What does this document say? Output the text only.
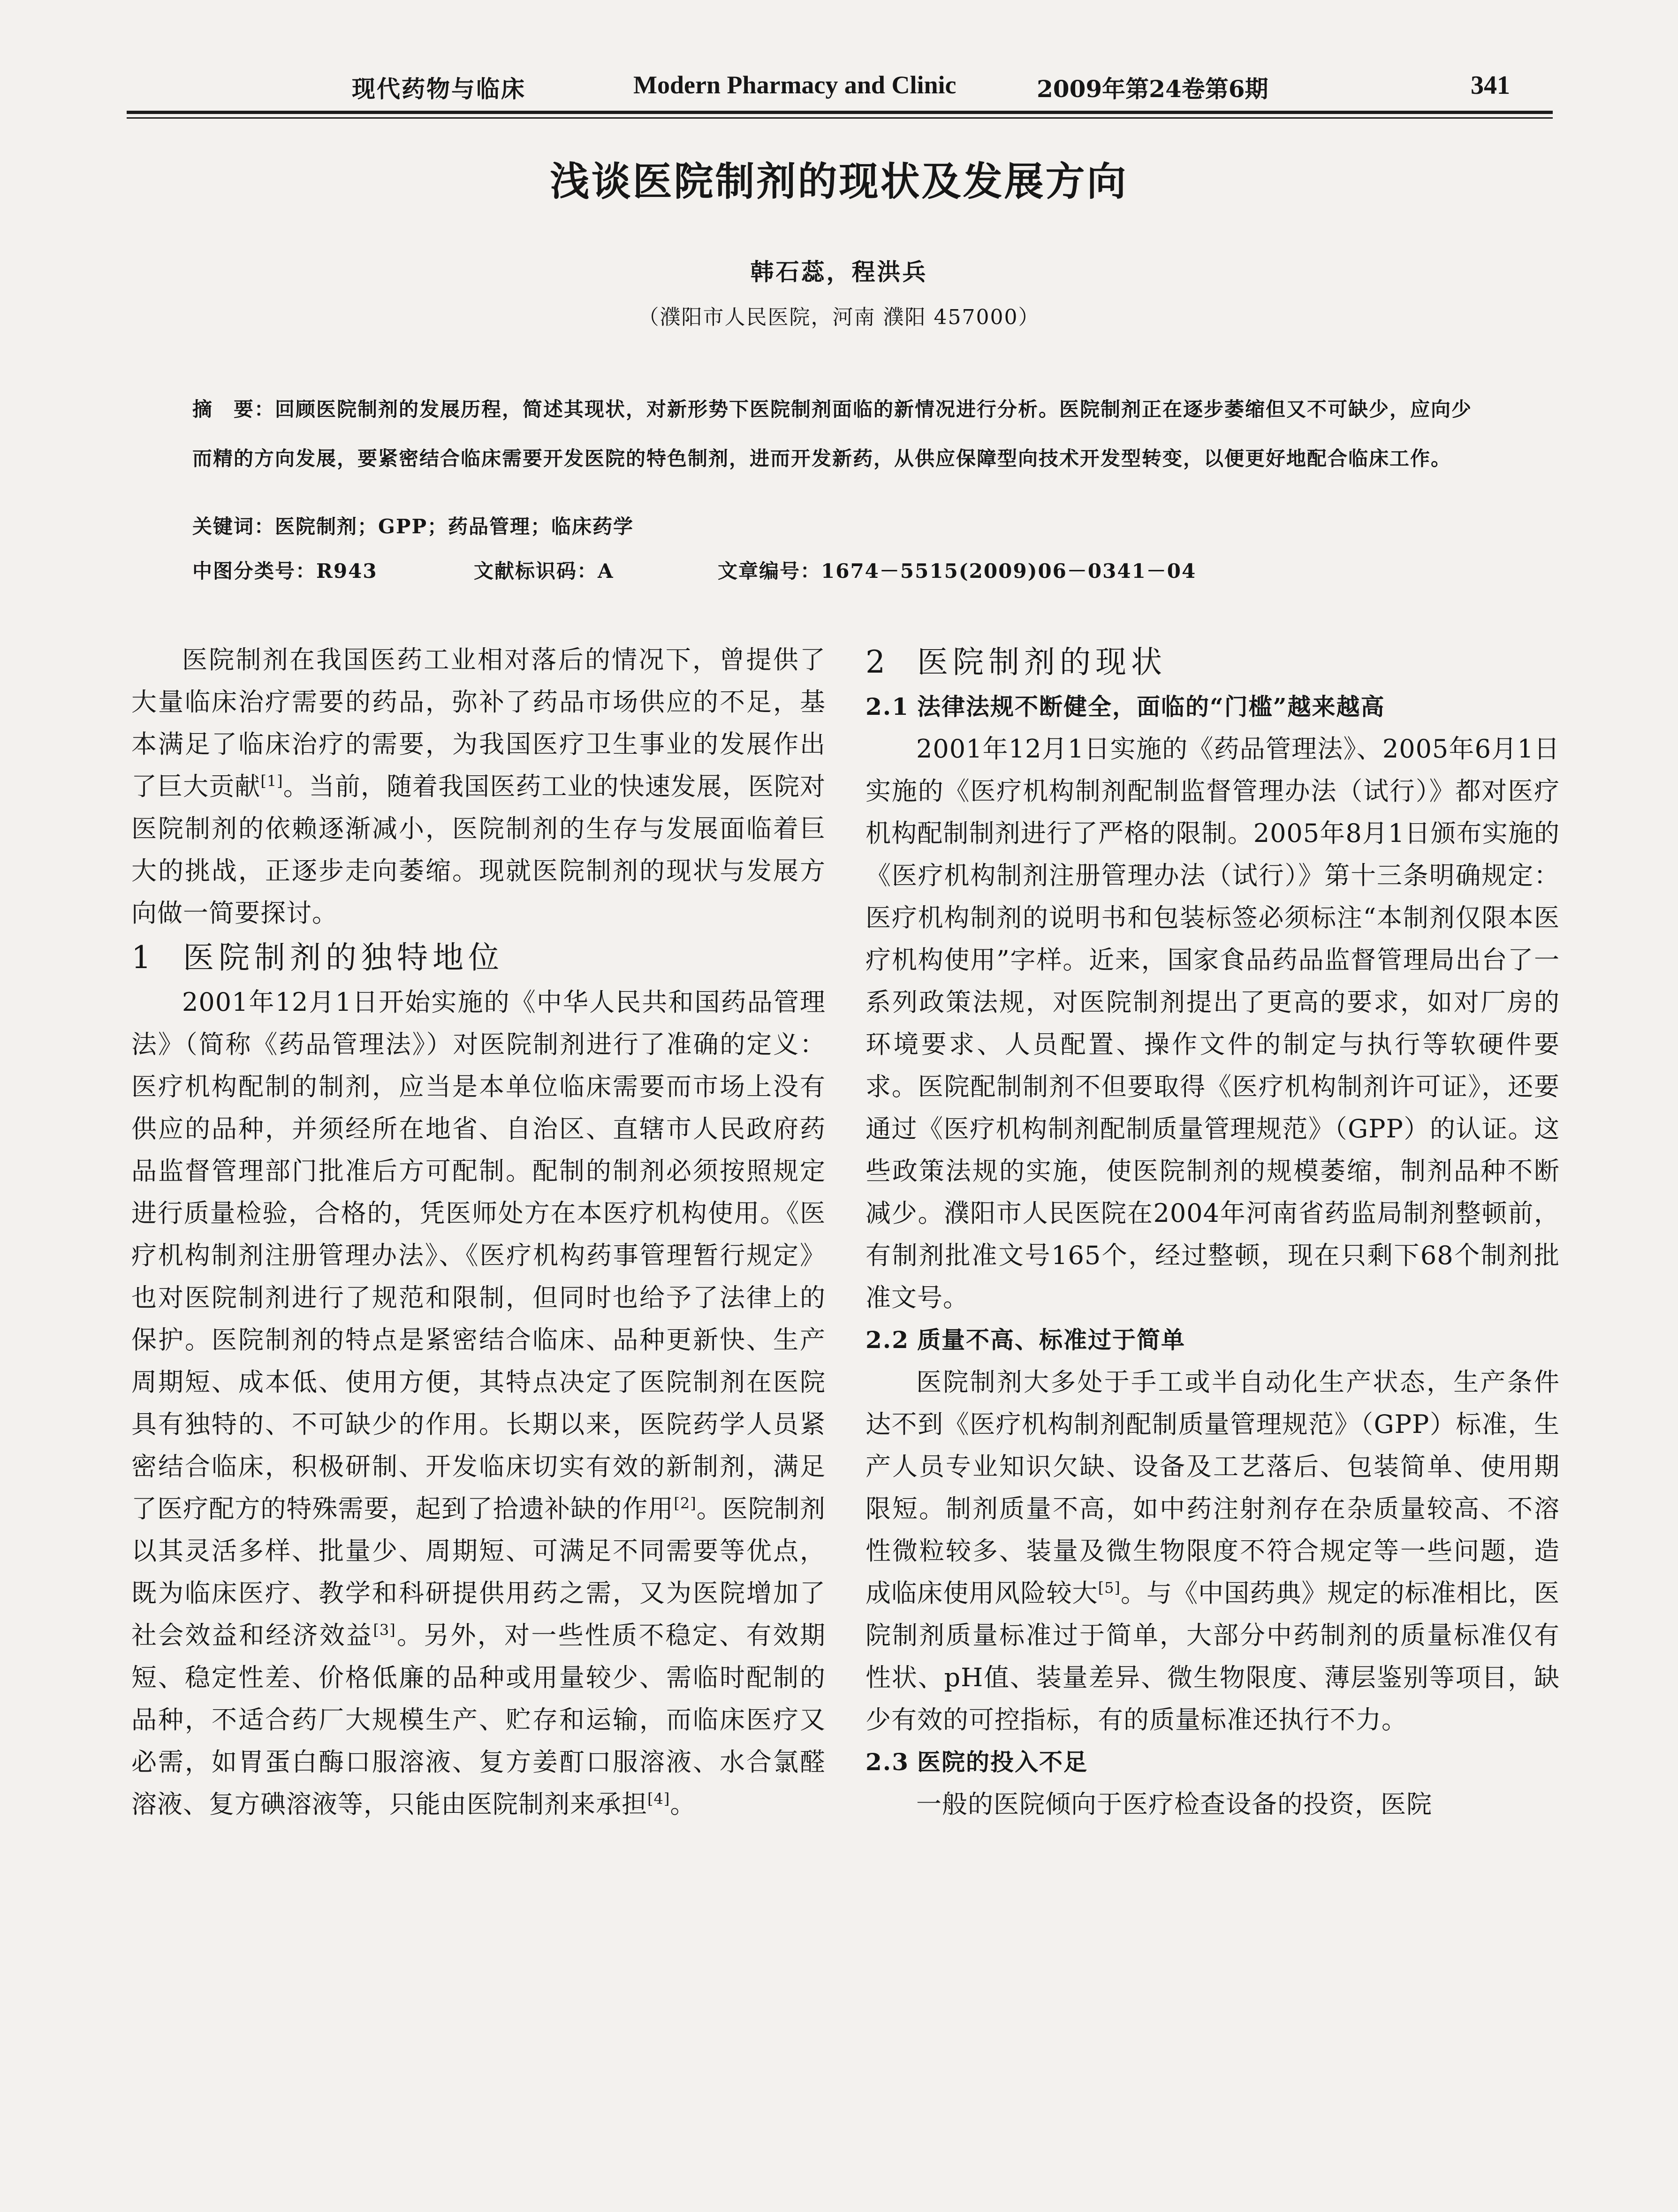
现代药物与临床	Modern Pharmacy and Clinic	2009年第24卷第6期	341
浅谈医院制剂的现状及发展方向
韩石蕊，程洪兵
（濮阳市人民医院，河南 濮阳 457000）
摘　要：回顾医院制剂的发展历程，简述其现状，对新形势下医院制剂面临的新情况进行分析。医院制剂正在逐步萎缩但又不可缺少，应向少而精的方向发展，要紧密结合临床需要开发医院的特色制剂，进而开发新药，从供应保障型向技术开发型转变，以便更好地配合临床工作。
关键词：医院制剂；GPP；药品管理；临床药学
中图分类号：R943	文献标识码：A	文章编号：1674－5515(2009)06－0341－04

医院制剂在我国医药工业相对落后的情况下，曾提供了大量临床治疗需要的药品，弥补了药品市场供应的不足，基本满足了临床治疗的需要，为我国医疗卫生事业的发展作出了巨大贡献[1]。当前，随着我国医药工业的快速发展，医院对医院制剂的依赖逐渐减小，医院制剂的生存与发展面临着巨大的挑战，正逐步走向萎缩。现就医院制剂的现状与发展方向做一简要探讨。

1 医院制剂的独特地位

2001年12月1日开始实施的《中华人民共和国药品管理法》（简称《药品管理法》）对医院制剂进行了准确的定义：医疗机构配制的制剂，应当是本单位临床需要而市场上没有供应的品种，并须经所在地省、自治区、直辖市人民政府药品监督管理部门批准后方可配制。配制的制剂必须按照规定进行质量检验，合格的，凭医师处方在本医疗机构使用。《医疗机构制剂注册管理办法》、《医疗机构药事管理暂行规定》也对医院制剂进行了规范和限制，但同时也给予了法律上的保护。医院制剂的特点是紧密结合临床、品种更新快、生产周期短、成本低、使用方便，其特点决定了医院制剂在医院具有独特的、不可缺少的作用。长期以来，医院药学人员紧密结合临床，积极研制、开发临床切实有效的新制剂，满足了医疗配方的特殊需要，起到了拾遗补缺的作用[2]。医院制剂以其灵活多样、批量少、周期短、可满足不同需要等优点，既为临床医疗、教学和科研提供用药之需，又为医院增加了社会效益和经济效益[3]。另外，对一些性质不稳定、有效期短、稳定性差、价格低廉的品种或用量较少、需临时配制的品种，不适合药厂大规模生产、贮存和运输，而临床医疗又必需，如胃蛋白酶口服溶液、复方姜酊口服溶液、水合氯醛溶液、复方碘溶液等，只能由医院制剂来承担[4]。

2 医院制剂的现状
2.1 法律法规不断健全，面临的“门槛”越来越高

2001年12月1日实施的《药品管理法》、2005年6月1日实施的《医疗机构制剂配制监督管理办法（试行）》都对医疗机构配制制剂进行了严格的限制。2005年8月1日颁布实施的《医疗机构制剂注册管理办法（试行）》第十三条明确规定：医疗机构制剂的说明书和包装标签必须标注“本制剂仅限本医疗机构使用”字样。近来，国家食品药品监督管理局出台了一系列政策法规，对医院制剂提出了更高的要求，如对厂房的环境要求、人员配置、操作文件的制定与执行等软硬件要求。医院配制制剂不但要取得《医疗机构制剂许可证》，还要通过《医疗机构制剂配制质量管理规范》（GPP）的认证。这些政策法规的实施，使医院制剂的规模萎缩，制剂品种不断减少。濮阳市人民医院在2004年河南省药监局制剂整顿前，有制剂批准文号165个，经过整顿，现在只剩下68个制剂批准文号。

2.2 质量不高、标准过于简单

医院制剂大多处于手工或半自动化生产状态，生产条件达不到《医疗机构制剂配制质量管理规范》（GPP）标准，生产人员专业知识欠缺、设备及工艺落后、包装简单、使用期限短。制剂质量不高，如中药注射剂存在杂质量较高、不溶性微粒较多、装量及微生物限度不符合规定等一些问题，造成临床使用风险较大[5]。与《中国药典》规定的标准相比，医院制剂质量标准过于简单，大部分中药制剂的质量标准仅有性状、pH值、装量差异、微生物限度、薄层鉴别等项目，缺少有效的可控指标，有的质量标准还执行不力。

2.3 医院的投入不足

一般的医院倾向于医疗检查设备的投资，医院
